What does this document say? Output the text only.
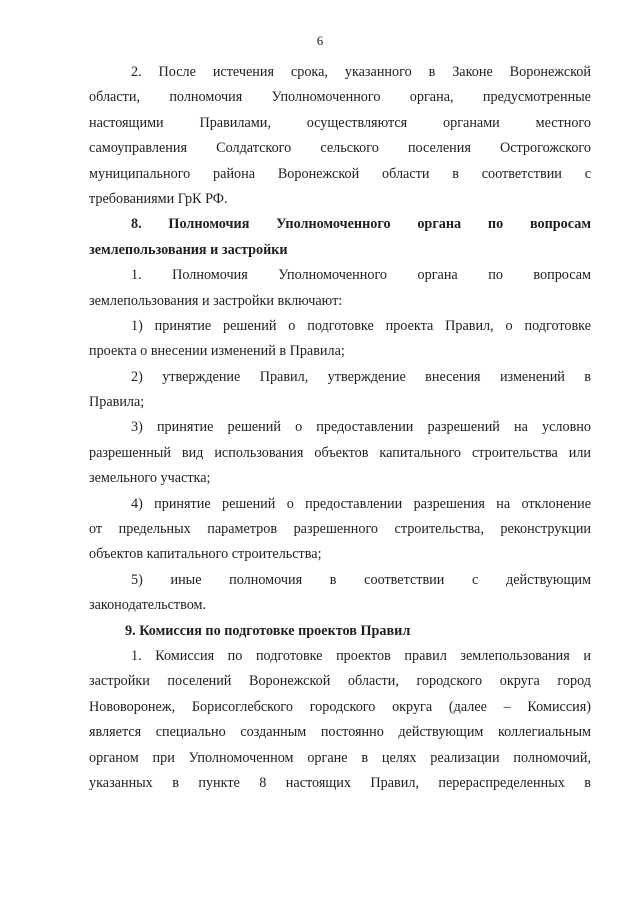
6
2. После истечения срока, указанного в Законе Воронежской
области, полномочия Уполномоченного органа, предусмотренные
настоящими Правилами, осуществляются органами местного
самоуправления Солдатского сельского поселения Острогожского
муниципального района Воронежской области в соответствии с
требованиями ГрК РФ.
8. Полномочия Уполномоченного органа по вопросам
землепользования и застройки
1. Полномочия Уполномоченного органа по вопросам
землепользования и застройки включают:
1) принятие решений о подготовке проекта Правил, о подготовке
проекта о внесении изменений в Правила;
2) утверждение Правил, утверждение внесения изменений в
Правила;
3) принятие решений о предоставлении разрешений на условно
разрешенный вид использования объектов капитального строительства или
земельного участка;
4) принятие решений о предоставлении разрешения на отклонение
от предельных параметров разрешенного строительства, реконструкции
объектов капитального строительства;
5) иные полномочия в соответствии с действующим
законодательством.
9. Комиссия по подготовке проектов Правил
1. Комиссия по подготовке проектов правил землепользования и
застройки поселений Воронежской области, городского округа город
Нововоронеж, Борисоглебского городского округа (далее – Комиссия)
является специально созданным постоянно действующим коллегиальным
органом при Уполномоченном органе в целях реализации полномочий,
указанных в пункте 8 настоящих Правил, перераспределенных в
